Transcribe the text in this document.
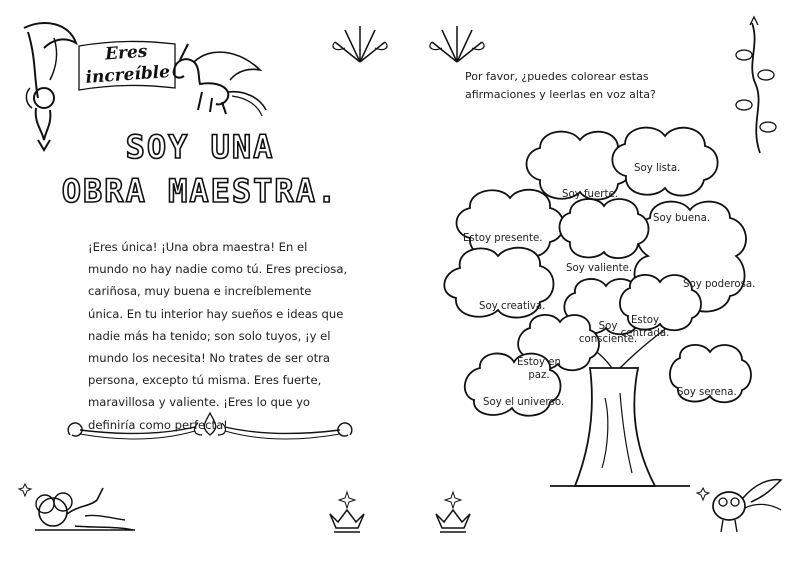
Eres increíble
SOY UNA
OBRA MAESTRA.
¡Eres única! ¡Una obra maestra! En el mundo no hay nadie como tú. Eres preciosa, cariñosa, muy buena e increíblemente única. En tu interior hay sueños e ideas que nadie más ha tenido; son solo tuyos, ¡y el mundo los necesita! No trates de ser otra persona, excepto tú misma. Eres fuerte, maravillosa y valiente. ¡Eres lo que yo definiría como perfecta!
Por favor, ¿puedes colorear estas afirmaciones y leerlas en voz alta?
Soy lista.
Soy fuerte.
Soy buena.
Estoy presente.
Soy valiente.
Soy poderosa.
Soy creativa.
Soy consciente.
Estoy centrada.
Estoy en paz.
Soy el universo.
Soy serena.
